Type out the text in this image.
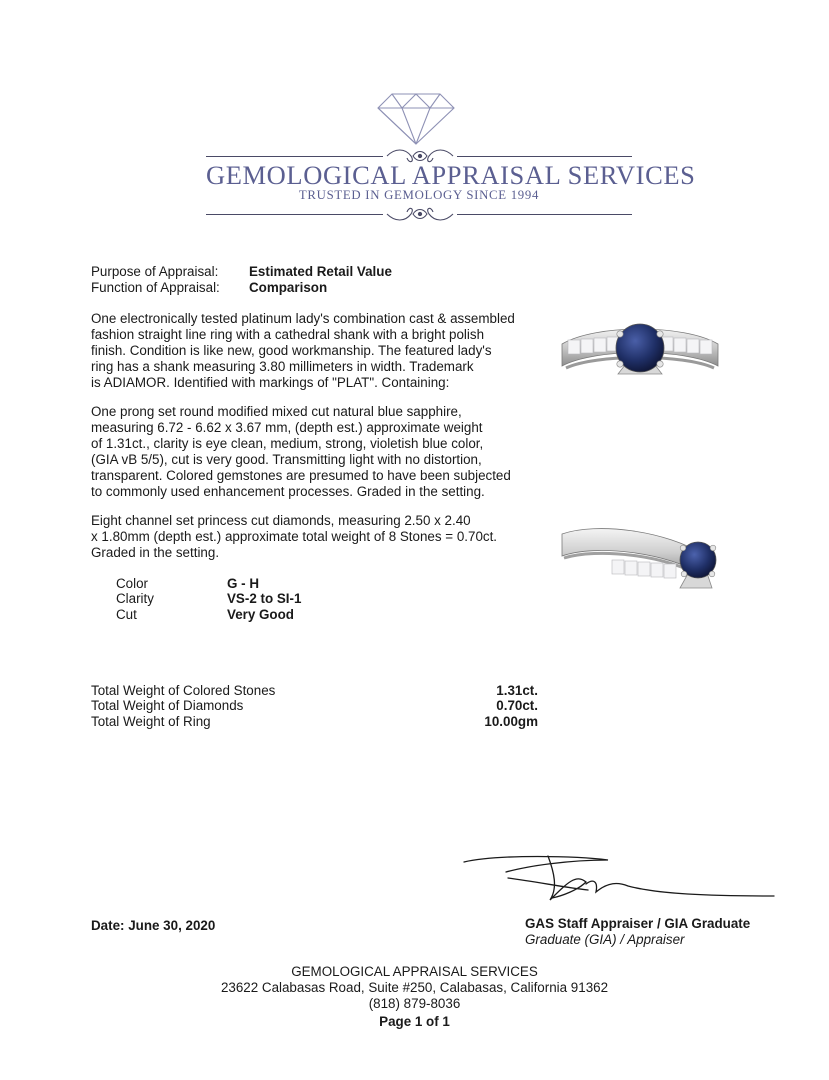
GEMOLOGICAL APPRAISAL SERVICES
TRUSTED IN GEMOLOGY SINCE 1994
Purpose of Appraisal: Estimated Retail Value
Function of Appraisal: Comparison
One electronically tested platinum lady's combination cast & assembled
fashion straight line ring with a cathedral shank with a bright polish
finish. Condition is like new, good workmanship. The featured lady's
ring has a shank measuring 3.80 millimeters in width. Trademark
is ADIAMOR. Identified with markings of "PLAT". Containing:
One prong set round modified mixed cut natural blue sapphire,
measuring 6.72 - 6.62 x 3.67 mm, (depth est.) approximate weight
of 1.31ct., clarity is eye clean, medium, strong, violetish blue color,
(GIA vB 5/5), cut is very good. Transmitting light with no distortion,
transparent. Colored gemstones are presumed to have been subjected
to commonly used enhancement processes. Graded in the setting.
Eight channel set princess cut diamonds, measuring 2.50 x 2.40
x 1.80mm (depth est.) approximate total weight of 8 Stones = 0.70ct.
Graded in the setting.
Color	G - H
Clarity	VS-2 to SI-1
Cut	Very Good
Total Weight of Colored Stones	1.31ct.
Total Weight of Diamonds	0.70ct.
Total Weight of Ring	10.00gm
Date: June 30, 2020	GAS Staff Appraiser / GIA Graduate
Graduate (GIA) / Appraiser
GEMOLOGICAL APPRAISAL SERVICES
23622 Calabasas Road, Suite #250, Calabasas, California 91362
(818) 879-8036
Page 1 of 1
